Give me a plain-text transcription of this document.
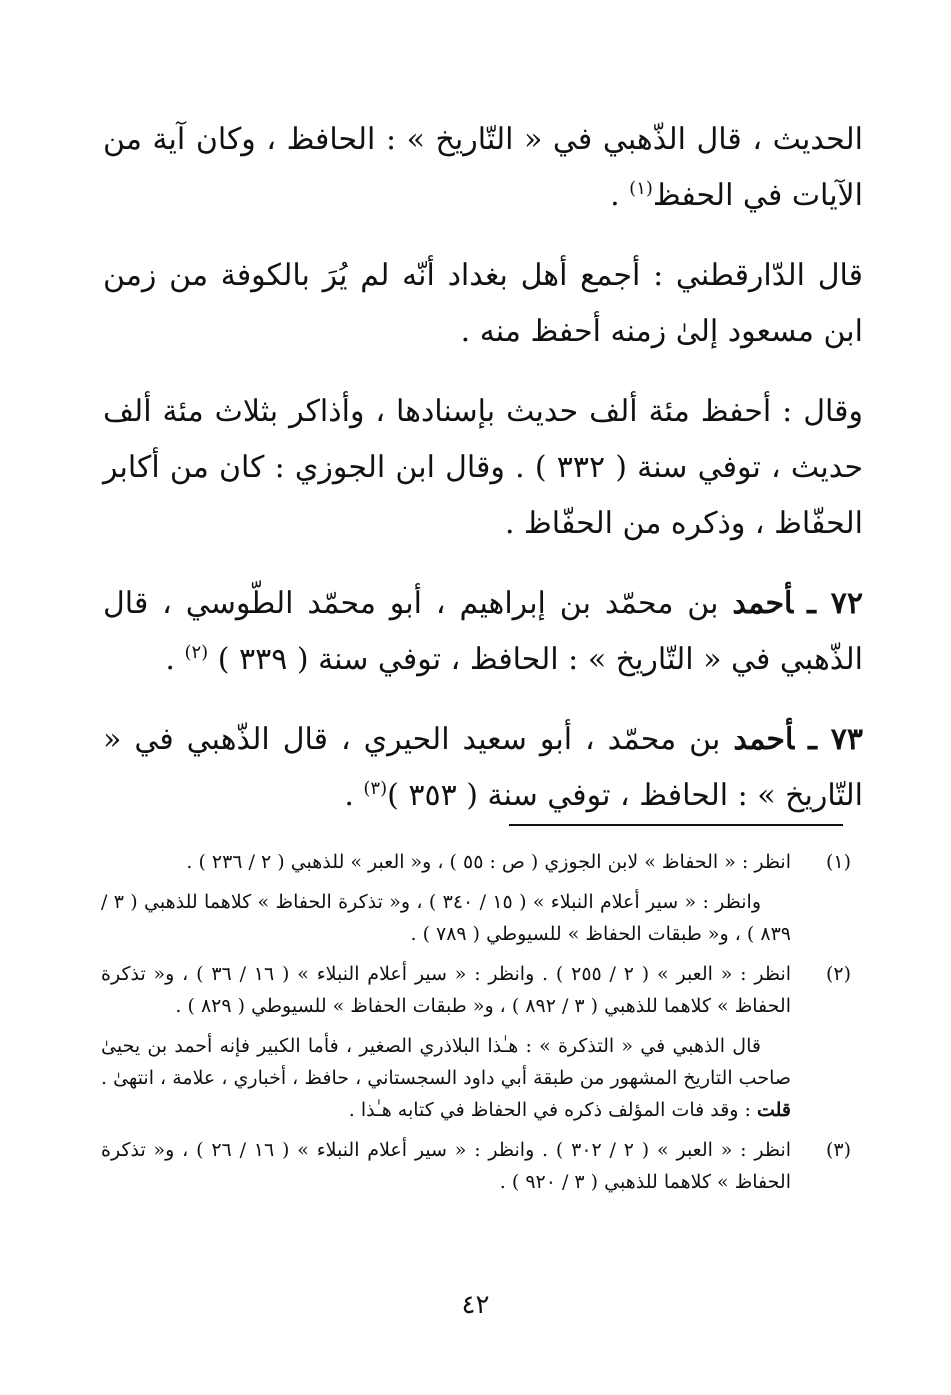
الحديث ، قال الذّهبي في « التّاريخ » : الحافظ ، وكان آية من الآيات في الحفظ$^{(١)}$ .

قال الدّارقطني : أجمع أهل بغداد أنّه لم يُرَ بالكوفة من زمن ابن مسعود إلىٰ زمنه أحفظ منه .

وقال : أحفظ مئة ألف حديث بإسنادها ، وأذاكر بثلاث مئة ألف حديث ، توفي سنة ( ٣٣٢ ) . وقال ابن الجوزي : كان من أكابر الحفّاظ ، وذكره من الحفّاظ .

٧٢ ـأحمد بن محمّد بن إبراهيم ، أبو محمّد الطّوسي ، قال الذّهبي في « التّاريخ » : الحافظ ، توفي سنة ( ٣٣٩ ) $^{(٢)}$ .

٧٣ ـأحمد بن محمّد ، أبو سعيد الحيري ، قال الذّهبي في « التّاريخ » : الحافظ ، توفي سنة ( ٣٥٣ )$^{(٣)}$ .

(١)

انظر : « الحفاظ » لابن الجوزي ( ص : ٥٥ ) ، و« العبر » للذهبي ( ٢ / ٢٣٦ ) .

وانظر : « سير أعلام النبلاء » ( ١٥ / ٣٤٠ ) ، و« تذكرة الحفاظ » كلاهما للذهبي ( ٣ / ٨٣٩ ) ، و« طبقات الحفاظ » للسيوطي ( ٧٨٩ ) .

(٢)

انظر : « العبر » ( ٢ / ٢٥٥ ) . وانظر : « سير أعلام النبلاء » ( ١٦ / ٣٦ ) ، و« تذكرة الحفاظ » كلاهما للذهبي ( ٣ / ٨٩٢ ) ، و« طبقات الحفاظ » للسيوطي ( ٨٢٩ ) .

قال الذهبي في « التذكرة » : هـٰذا البلاذري الصغير ، فأما الكبير فإنه أحمد بن يحيىٰ صاحب التاريخ المشهور من طبقة أبي داود السجستاني ، حافظ ، أخباري ، علامة ، انتهىٰ . قلت : وقد فات المؤلف ذكره في الحفاظ في كتابه هـٰذا .

(٣)

انظر : « العبر » ( ٢ / ٣٠٢ ) . وانظر : « سير أعلام النبلاء » ( ١٦ / ٢٦ ) ، و« تذكرة الحفاظ » كلاهما للذهبي ( ٣ / ٩٢٠ ) .

٤٢
